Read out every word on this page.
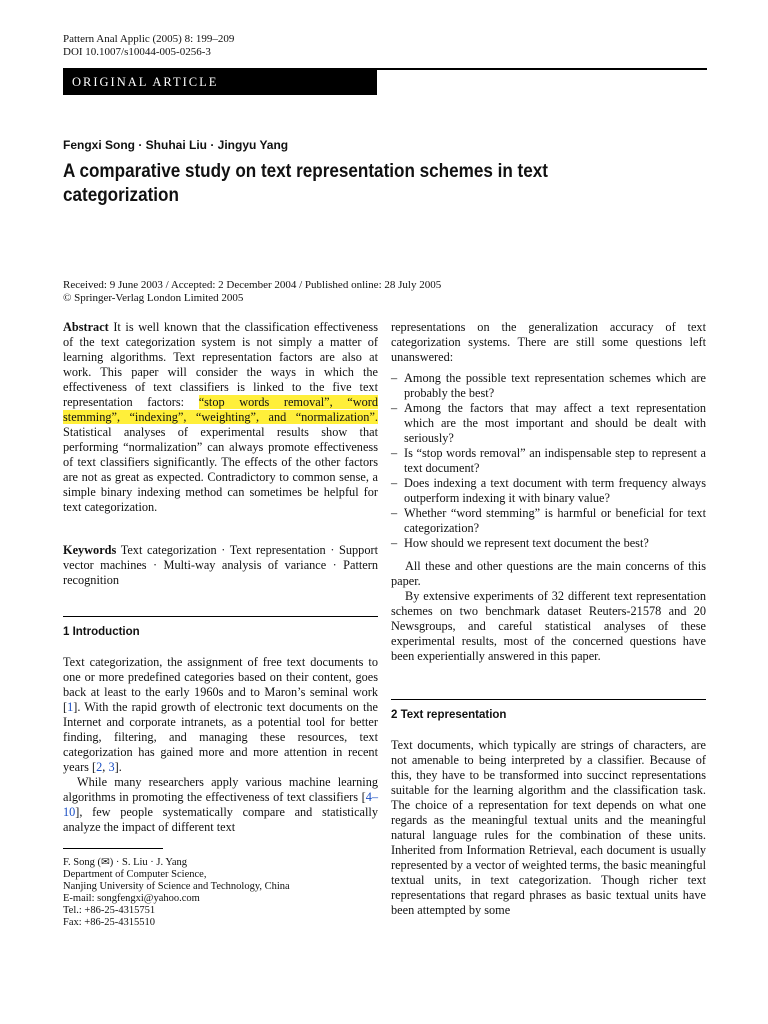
Pattern Anal Applic (2005) 8: 199–209
DOI 10.1007/s10044-005-0256-3
ORIGINAL ARTICLE
Fengxi Song · Shuhai Liu · Jingyu Yang
A comparative study on text representation schemes in text categorization
Received: 9 June 2003 / Accepted: 2 December 2004 / Published online: 28 July 2005
© Springer-Verlag London Limited 2005

Abstract It is well known that the classification effectiveness of the text categorization system is not simply a matter of learning algorithms. Text representation factors are also at work. This paper will consider the ways in which the effectiveness of text classifiers is linked to the five text representation factors: “stop words removal”, “word stemming”, “indexing”, “weighting”, and “normalization”. Statistical analyses of experimental results show that performing “normalization” can always promote effectiveness of text classifiers significantly. The effects of the other factors are not as great as expected. Contradictory to common sense, a simple binary indexing method can sometimes be helpful for text categorization.

Keywords Text categorization · Text representation · Support vector machines · Multi-way analysis of variance · Pattern recognition

1 Introduction

Text categorization, the assignment of free text documents to one or more predefined categories based on their content, goes back at least to the early 1960s and to Maron’s seminal work [1]. With the rapid growth of electronic text documents on the Internet and corporate intranets, as a potential tool for better finding, filtering, and managing these resources, text categorization has gained more and more attention in recent years [2, 3].

While many researchers apply various machine learning algorithms in promoting the effectiveness of text classifiers [4–10], few people systematically compare and statistically analyze the impact of different text

F. Song (✉) · S. Liu · J. Yang
Department of Computer Science,
Nanjing University of Science and Technology, China
E-mail: songfengxi@yahoo.com
Tel.: +86-25-4315751
Fax: +86-25-4315510

representations on the generalization accuracy of text categorization systems. There are still some questions left unanswered:

– Among the possible text representation schemes which are probably the best?
– Among the factors that may affect a text representation which are the most important and should be dealt with seriously?
– Is “stop words removal” an indispensable step to represent a text document?
– Does indexing a text document with term frequency always outperform indexing it with binary value?
– Whether “word stemming” is harmful or beneficial for text categorization?
– How should we represent text document the best?

All these and other questions are the main concerns of this paper.

By extensive experiments of 32 different text representation schemes on two benchmark dataset Reuters-21578 and 20 Newsgroups, and careful statistical analyses of these experimental results, most of the concerned questions have been experientially answered in this paper.

2 Text representation

Text documents, which typically are strings of characters, are not amenable to being interpreted by a classifier. Because of this, they have to be transformed into succinct representations suitable for the learning algorithm and the classification task. The choice of a representation for text depends on what one regards as the meaningful textual units and the meaningful natural language rules for the combination of these units. Inherited from Information Retrieval, each document is usually represented by a vector of weighted terms, the basic meaningful textual units, in text categorization. Though richer text representations that regard phrases as basic textual units have been attempted by some
